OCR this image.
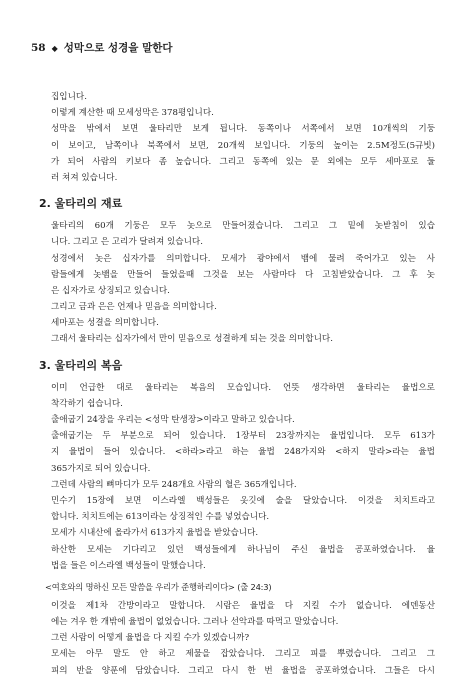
58 ◆ 성막으로 성경을 말한다
집입니다.
이렇게 계산한 때 모세성막은 378평입니다.
성막을 밖에서 보면 울타리만 보게 됩니다. 동쪽이나 서쪽에서 보면 10개씩의 기둥
이 보이고, 남쪽이나 북쪽에서 보면, 20개씩 보입니다. 기둥의 높이는 2.5M정도(5규빗)
가 되어 사람의 키보다 좀 높습니다. 그리고 동쪽에 있는 문 외에는 모두 세마포로 둘
러 쳐져 있습니다.
2. 울타리의 재료
울타리의 60개 기둥은 모두 놋으로 만들어졌습니다. 그리고 그 밑에 놋받침이 있습
니다. 그리고 은 고리가 달려져 있습니다.
성경에서 놋은 십자가를 의미합니다. 모세가 광야에서 뱀에 물려 죽어가고 있는 사
람들에게 놋뱀을 만들어 들었을때 그것을 보는 사람마다 다 고침받았습니다. 그 후 놋
은 십자가로 상징되고 있습니다.
그리고 금과 은은 언제나 믿음을 의미합니다.
세마포는 성결을 의미합니다.
그래서 울타리는 십자가에서 만이 믿음으로 성결하게 되는 것을 의미합니다.
3. 울타리의 복음
이미 언급한 대로 울타리는 복음의 모습입니다. 언뜻 생각하면 울타리는 율법으로
착각하기 쉽습니다.
출애굽기 24장을 우리는 <성막 탄생장>이라고 말하고 있습니다.
출애굽기는 두 부분으로 되어 있습니다. 1장부터 23장까지는 율법입니다. 모두 613가
지 율법이 들어 있습니다. <하라>라고 하는 율법 248가지와 <하지 말라>라는 율법
365가지로 되어 있습니다.
그런데 사람의 뼈마디가 모두 248개요 사람의 혈은 365개입니다.
민수기 15장에 보면 이스라엘 백성들은 옷깃에 술을 달았습니다. 이것을 치치트라고
합니다. 치치트에는 613이라는 상징적인 수를 넣었습니다.
모세가 시내산에 올라가서 613가지 율법을 받았습니다.
하산한 모세는 기다리고 있던 백성들에게 하나님이 주신 율법을 공포하였습니다. 율
법을 들은 이스라엘 백성들이 말했습니다.
<여호와의 명하신 모든 말씀을 우리가 준행하리이다> (출 24:3)
이것을 제1차 간방이라고 말합니다. 시람은 율법을 다 지킬 수가 없습니다. 에덴동산
에는 겨우 한 개밖에 율법이 없었습니다. 그러나 선악과를 따먹고 말았습니다.
그런 사람이 어떻게 율법을 다 지킬 수가 있겠습니까?
모세는 아무 말도 안 하고 제물을 잡았습니다. 그리고 피를 뿌렸습니다. 그리고 그
피의 반을 양푼에 담았습니다. 그리고 다시 한 번 율법을 공포하였습니다. 그들은 다시
